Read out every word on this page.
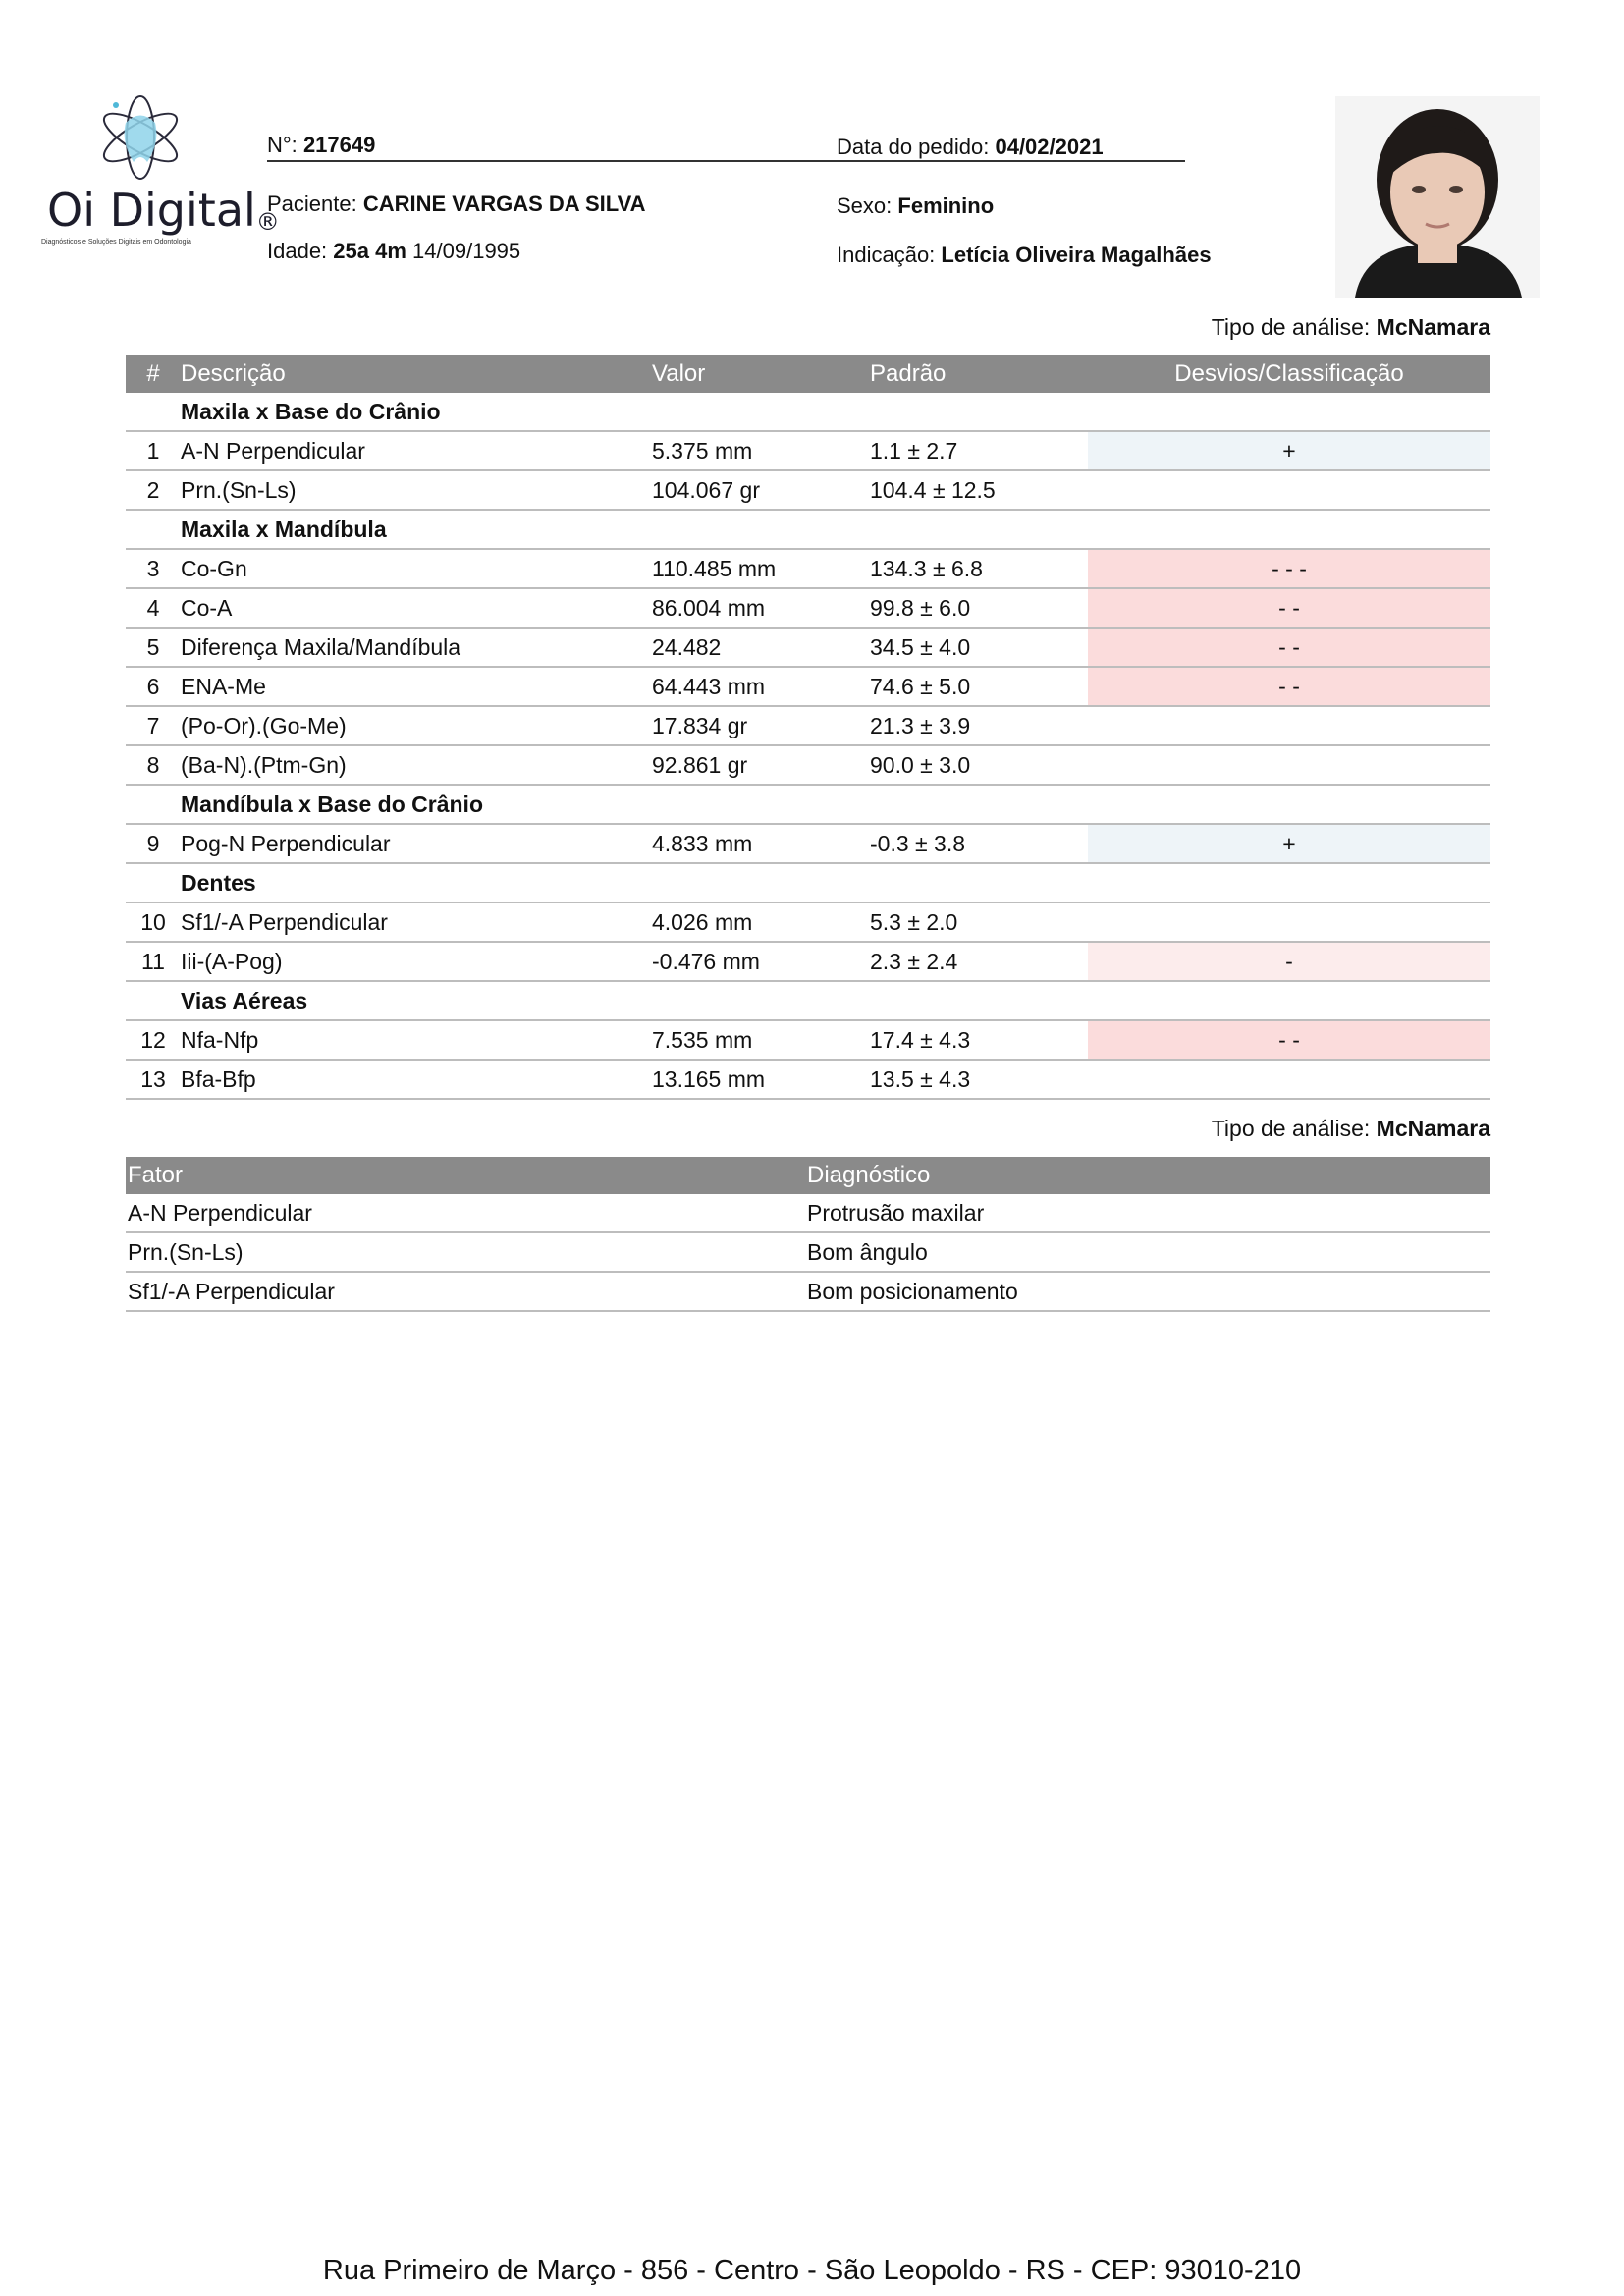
Oi Digital®
Diagnósticos e Soluções Digitais em Odontologia
N°: 217649	Data do pedido: 04/02/2021
Paciente: CARINE VARGAS DA SILVA	Sexo: Feminino
Idade: 25a 4m 14/09/1995	Indicação: Letícia Oliveira Magalhães
Tipo de análise: McNamara
#	Descrição	Valor	Padrão	Desvios/Classificação
	Maxila x Base do Crânio			
1	A-N Perpendicular	5.375 mm	1.1 ± 2.7	+
2	Prn.(Sn-Ls)	104.067 gr	104.4 ± 12.5	
	Maxila x Mandíbula			
3	Co-Gn	110.485 mm	134.3 ± 6.8	- - -
4	Co-A	86.004 mm	99.8 ± 6.0	- -
5	Diferença Maxila/Mandíbula	24.482	34.5 ± 4.0	- -
6	ENA-Me	64.443 mm	74.6 ± 5.0	- -
7	(Po-Or).(Go-Me)	17.834 gr	21.3 ± 3.9	
8	(Ba-N).(Ptm-Gn)	92.861 gr	90.0 ± 3.0	
	Mandíbula x Base do Crânio			
9	Pog-N Perpendicular	4.833 mm	-0.3 ± 3.8	+
	Dentes			
10	Sf1/-A Perpendicular	4.026 mm	5.3 ± 2.0	
11	Iii-(A-Pog)	-0.476 mm	2.3 ± 2.4	-
	Vias Aéreas			
12	Nfa-Nfp	7.535 mm	17.4 ± 4.3	- -
13	Bfa-Bfp	13.165 mm	13.5 ± 4.3	
Tipo de análise: McNamara
Fator	Diagnóstico
A-N Perpendicular	Protrusão maxilar
Prn.(Sn-Ls)	Bom ângulo
Sf1/-A Perpendicular	Bom posicionamento
Rua Primeiro de Março - 856 - Centro - São Leopoldo - RS - CEP: 93010-210
